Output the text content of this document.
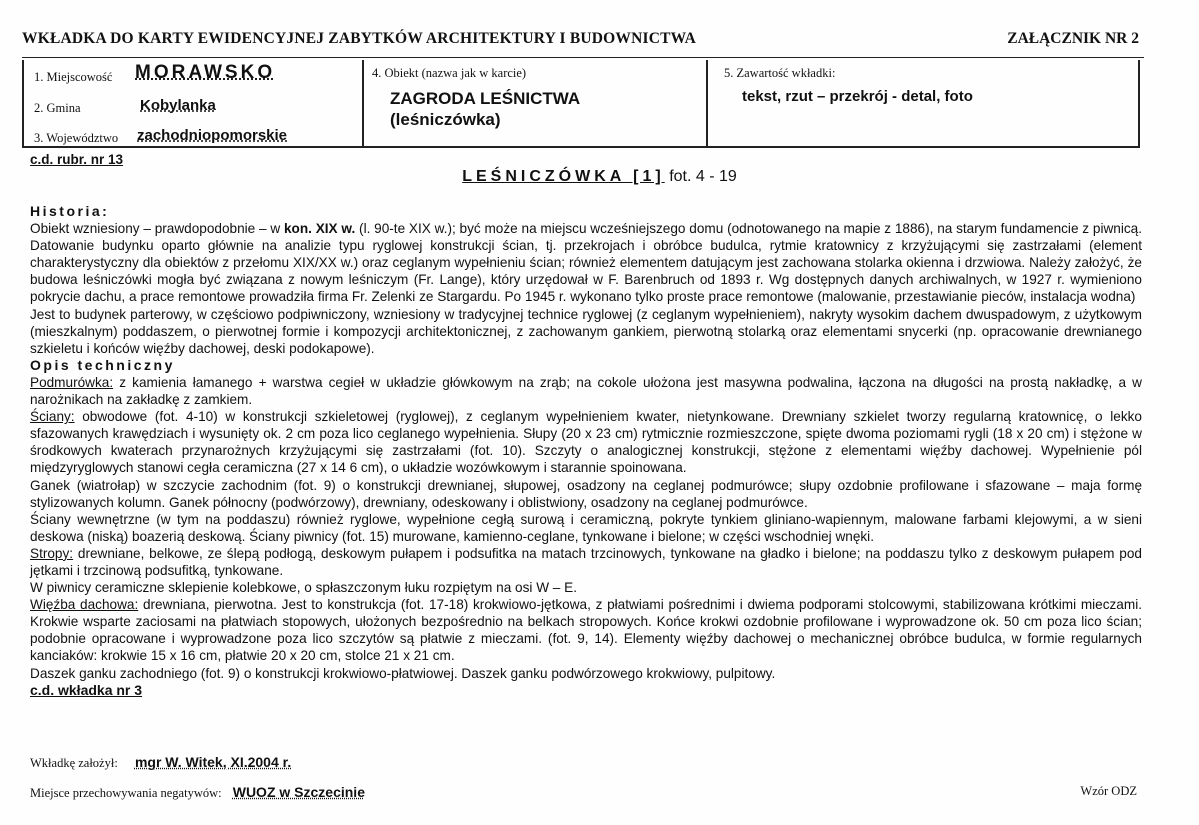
WKŁADKA DO KARTY EWIDENCYJNEJ ZABYTKÓW ARCHITEKTURY I BUDOWNICTWA	ZAŁĄCZNIK NR 2
1. Miejscowość MORAWSKO
2. Gmina	Kobylanka
3. Województwo zachodniopomorskie
4. Obiekt (nazwa jak w karcie)
ZAGRODA LEŚNICTWA
(leśniczówka)
5. Zawartość wkładki:
tekst, rzut – przekrój - detal, foto
c.d. rubr. nr 13
LEŚNICZÓWKA [1] fot. 4 - 19
Historia:

Obiekt wzniesiony – prawdopodobnie – w kon. XIX w. (l. 90-te XIX w.); być może na miejscu wcześniejszego domu (odnotowanego na mapie z 1886), na starym fundamencie z piwnicą. Datowanie budynku oparto głównie na analizie typu ryglowej konstrukcji ścian, tj. przekrojach i obróbce budulca, rytmie kratownicy z krzyżującymi się zastrzałami (element charakterystyczny dla obiektów z przełomu XIX/XX w.) oraz ceglanym wypełnieniu ścian; również elementem datującym jest zachowana stolarka okienna i drzwiowa. Należy założyć, że budowa leśniczówki mogła być związana z nowym leśniczym (Fr. Lange), który urzędował w F. Barenbruch od 1893 r. Wg dostępnych danych archiwalnych, w 1927 r. wymieniono pokrycie dachu, a prace remontowe prowadziła firma Fr. Zelenki ze Stargardu. Po 1945 r. wykonano tylko proste prace remontowe (malowanie, przestawianie pieców, instalacja wodna)

Jest to budynek parterowy, w częściowo podpiwniczony, wzniesiony w tradycyjnej technice ryglowej (z ceglanym wypełnieniem), nakryty wysokim dachem dwuspadowym, z użytkowym (mieszkalnym) poddaszem, o pierwotnej formie i kompozycji architektonicznej, z zachowanym gankiem, pierwotną stolarką oraz elementami snycerki (np. opracowanie drewnianego szkieletu i końców więźby dachowej, deski podokapowe).

Opis techniczny

Podmurówka: z kamienia łamanego + warstwa cegieł w układzie główkowym na zrąb; na cokole ułożona jest masywna podwalina, łączona na długości na prostą nakładkę, a w narożnikach na zakładkę z zamkiem.

Ściany: obwodowe (fot. 4-10) w konstrukcji szkieletowej (ryglowej), z ceglanym wypełnieniem kwater, nietynkowane. Drewniany szkielet tworzy regularną kratownicę, o lekko sfazowanych krawędziach i wysunięty ok. 2 cm poza lico ceglanego wypełnienia. Słupy (20 x 23 cm) rytmicznie rozmieszczone, spięte dwoma poziomami rygli (18 x 20 cm) i stężone w środkowych kwaterach przynarożnych krzyżującymi się zastrzałami (fot. 10). Szczyty o analogicznej konstrukcji, stężone z elementami więźby dachowej. Wypełnienie pól międzyryglowych stanowi cegła ceramiczna (27 x 14 6 cm), o układzie wozówkowym i starannie spoinowana.

Ganek (wiatrołap) w szczycie zachodnim (fot. 9) o konstrukcji drewnianej, słupowej, osadzony na ceglanej podmurówce; słupy ozdobnie profilowane i sfazowane – maja formę stylizowanych kolumn. Ganek północny (podwórzowy), drewniany, odeskowany i oblistwiony, osadzony na ceglanej podmurówce.

Ściany wewnętrzne (w tym na poddaszu) również ryglowe, wypełnione cegłą surową i ceramiczną, pokryte tynkiem gliniano-wapiennym, malowane farbami klejowymi, a w sieni deskowa (niską) boazerią deskową. Ściany piwnicy (fot. 15) murowane, kamienno-ceglane, tynkowane i bielone; w części wschodniej wnęki.

Stropy: drewniane, belkowe, ze ślepą podłogą, deskowym pułapem i podsufitka na matach trzcinowych, tynkowane na gładko i bielone; na poddaszu tylko z deskowym pułapem pod jętkami i trzcinową podsufitką, tynkowane.

W piwnicy ceramiczne sklepienie kolebkowe, o spłaszczonym łuku rozpiętym na osi W – E.

Więźba dachowa: drewniana, pierwotna. Jest to konstrukcja (fot. 17-18) krokwiowo-jętkowa, z płatwiami pośrednimi i dwiema podporami stolcowymi, stabilizowana krótkimi mieczami. Krokwie wsparte zaciosami na płatwiach stopowych, ułożonych bezpośrednio na belkach stropowych. Końce krokwi ozdobnie profilowane i wyprowadzone ok. 50 cm poza lico ścian; podobnie opracowane i wyprowadzone poza lico szczytów są płatwie z mieczami. (fot. 9, 14). Elementy więźby dachowej o mechanicznej obróbce budulca, w formie regularnych kanciaków: krokwie 15 x 16 cm, płatwie 20 x 20 cm, stolce 21 x 21 cm.

Daszek ganku zachodniego (fot. 9) o konstrukcji krokwiowo-płatwiowej. Daszek ganku podwórzowego krokwiowy, pulpitowy.

c.d. wkładka nr 3
Wkładkę założył: mgr W. Witek, XI.2004 r.
Miejsce przechowywania negatywów: WUOZ w Szczecinie	Wzór ODZ
